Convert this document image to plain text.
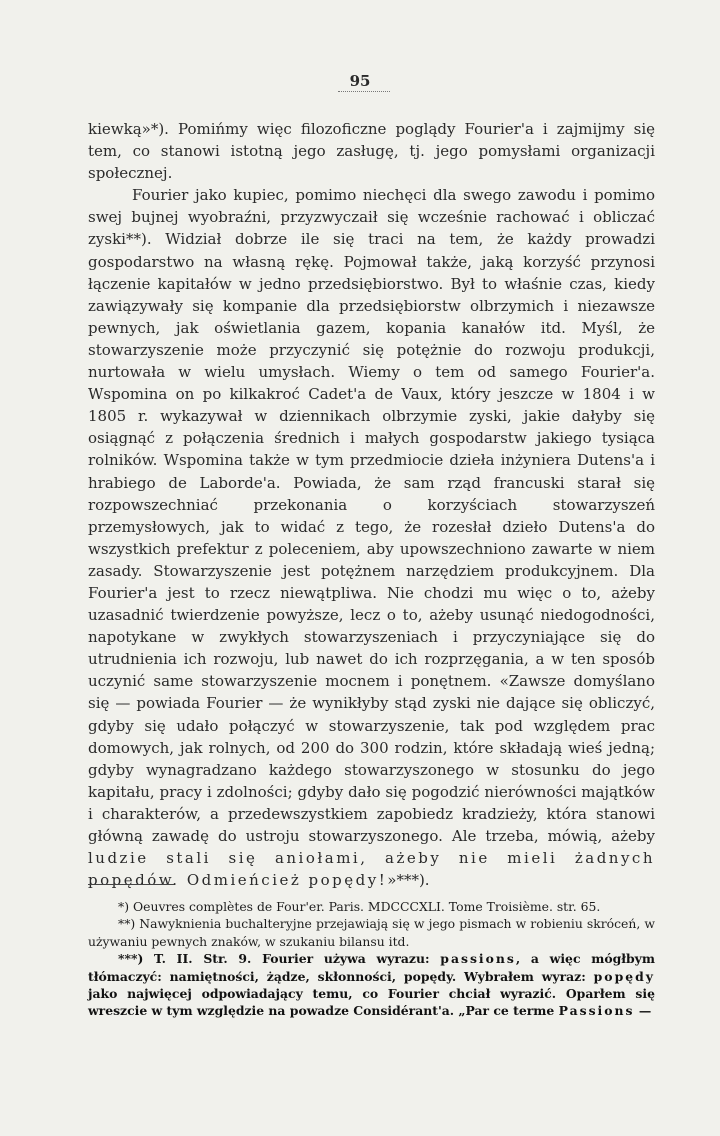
95

kiewką»*). Pomińmy więc filozoficzne poglądy Fourier'a i zajmijmy się tem, co stanowi istotną jego zasługę, tj. jego pomysłami organizacji społecznej.

Fourier jako kupiec, pomimo niechęci dla swego zawodu i pomimo swej bujnej wyobraźni, przyzwyczaił się wcześnie rachować i obliczać zyski**). Widział dobrze ile się traci na tem, że każdy prowadzi gospodarstwo na własną rękę. Pojmował także, jaką korzyść przynosi łączenie kapitałów w jedno przedsiębiorstwo. Był to właśnie czas, kiedy zawiązywały się kompanie dla przedsiębiorstw olbrzymich i niezawsze pewnych, jak oświetlania gazem, kopania kanałów itd. Myśl, że stowarzyszenie może przyczynić się potężnie do rozwoju produkcji, nurtowała w wielu umysłach. Wiemy o tem od samego Fourier'a. Wspomina on po kilkakroć Cadet'a de Vaux, który jeszcze w 1804 i w 1805 r. wykazywał w dziennikach olbrzymie zyski, jakie dałyby się osiągnąć z połączenia średnich i małych gospodarstw jakiego tysiąca rolników. Wspomina także w tym przedmiocie dzieła inżyniera Dutens'a i hrabiego de Laborde'a. Powiada, że sam rząd francuski starał się rozpowszechniać przekonania o korzyściach stowarzyszeń przemysłowych, jak to widać z tego, że rozesłał dzieło Dutens'a do wszystkich prefektur z poleceniem, aby upowszechniono zawarte w niem zasady. Stowarzyszenie jest potężnem narzędziem produkcyjnem. Dla Fourier'a jest to rzecz niewątpliwa. Nie chodzi mu więc o to, ażeby uzasadnić twierdzenie powyższe, lecz o to, ażeby usunąć niedogodności, napotykane w zwykłych stowarzyszeniach i przyczyniające się do utrudnienia ich rozwoju, lub nawet do ich rozprzęgania, a w ten sposób uczynić same stowarzyszenie mocnem i ponętnem. «Zawsze domyślano się — powiada Fourier — że wynikłyby stąd zyski nie dające się obliczyć, gdyby się udało połączyć w stowarzyszenie, tak pod względem prac domowych, jak rolnych, od 200 do 300 rodzin, które składają wieś jedną; gdyby wynagradzano każdego stowarzyszonego w stosunku do jego kapitału, pracy i zdolności; gdyby dało się pogodzić nierówności majątków i charakterów, a przedewszystkiem zapobiedz kradzieży, która stanowi główną zawadę do ustroju stowarzyszonego. Ale trzeba, mówią, ażeby ludzie stali się aniołami, ażeby nie mieli żadnych popędów. Odmieńcież popędy!»***).

*) Oeuvres complètes de Four'er. Paris. MDCCCXLI. Tome Troisième. str. 65.

**) Nawyknienia buchalteryjne przejawiają się w jego pismach w robieniu skróceń, w używaniu pewnych znaków, w szukaniu bilansu itd.

***) T. II. Str. 9. Fourier używa wyrazu: passions, a więc mógłbym tłómaczyć: namiętności, żądze, skłonności, popędy. Wybrałem wyraz: popędy jako najwięcej odpowiadający temu, co Fourier chciał wyrazić. Oparłem się wreszcie w tym względzie na powadze Considérant'a. „Par ce terme Passions —
